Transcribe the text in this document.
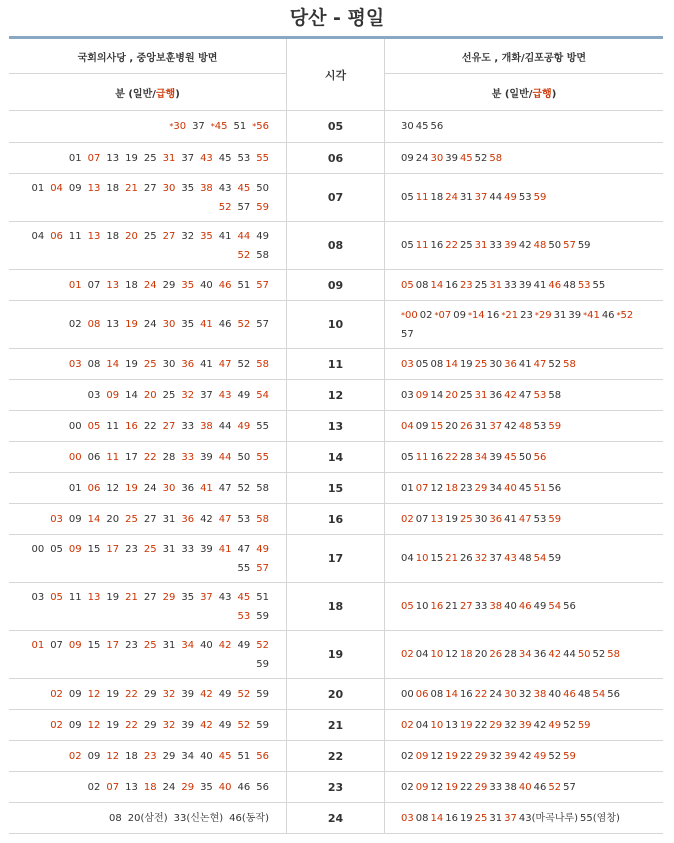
당산 - 평일
국회의사당 , 중앙보훈병원 방면	시각	선유도 , 개화/김포공항 방면
분 (일반/급행)		분 (일반/급행)

*30 37 *45 51 *56	05	30 45 56

01 07 13 19 25 31 37 43 45 53 55	06	09 24 30 39 45 52 58

01 04 09 13 18 21 27 30 35 38 43 45 50
52 57 59	07	05 11 18 24 31 37 44 49 53 59

04 06 11 13 18 20 25 27 32 35 41 44 49
52 58	08	05 11 16 22 25 31 33 39 42 48 50 57 59

01 07 13 18 24 29 35 40 46 51 57	09	05 08 14 16 23 25 31 33 39 41 46 48 53 55

02 08 13 19 24 30 35 41 46 52 57	10	*00 02 *07 09 *14 16 *21 23 *29 31 39 *41 46 *52
57

03 08 14 19 25 30 36 41 47 52 58	11	03 05 08 14 19 25 30 36 41 47 52 58

03 09 14 20 25 32 37 43 49 54	12	03 09 14 20 25 31 36 42 47 53 58

00 05 11 16 22 27 33 38 44 49 55	13	04 09 15 20 26 31 37 42 48 53 59

00 06 11 17 22 28 33 39 44 50 55	14	05 11 16 22 28 34 39 45 50 56

01 06 12 19 24 30 36 41 47 52 58	15	01 07 12 18 23 29 34 40 45 51 56

03 09 14 20 25 27 31 36 42 47 53 58	16	02 07 13 19 25 30 36 41 47 53 59

00 05 09 15 17 23 25 31 33 39 41 47 49
55 57	17	04 10 15 21 26 32 37 43 48 54 59

03 05 11 13 19 21 27 29 35 37 43 45 51
53 59	18	05 10 16 21 27 33 38 40 46 49 54 56

01 07 09 15 17 23 25 31 34 40 42 49 52
59	19	02 04 10 12 18 20 26 28 34 36 42 44 50 52 58

02 09 12 19 22 29 32 39 42 49 52 59	20	00 06 08 14 16 22 24 30 32 38 40 46 48 54 56

02 09 12 19 22 29 32 39 42 49 52 59	21	02 04 10 13 19 22 29 32 39 42 49 52 59

02 09 12 18 23 29 34 40 45 51 56	22	02 09 12 19 22 29 32 39 42 49 52 59

02 07 13 18 24 29 35 40 46 56	23	02 09 12 19 22 29 33 38 40 46 52 57

08 20(삼전) 33(신논현) 46(동작)	24	03 08 14 16 19 25 31 37 43(마곡나루) 55(염창)
